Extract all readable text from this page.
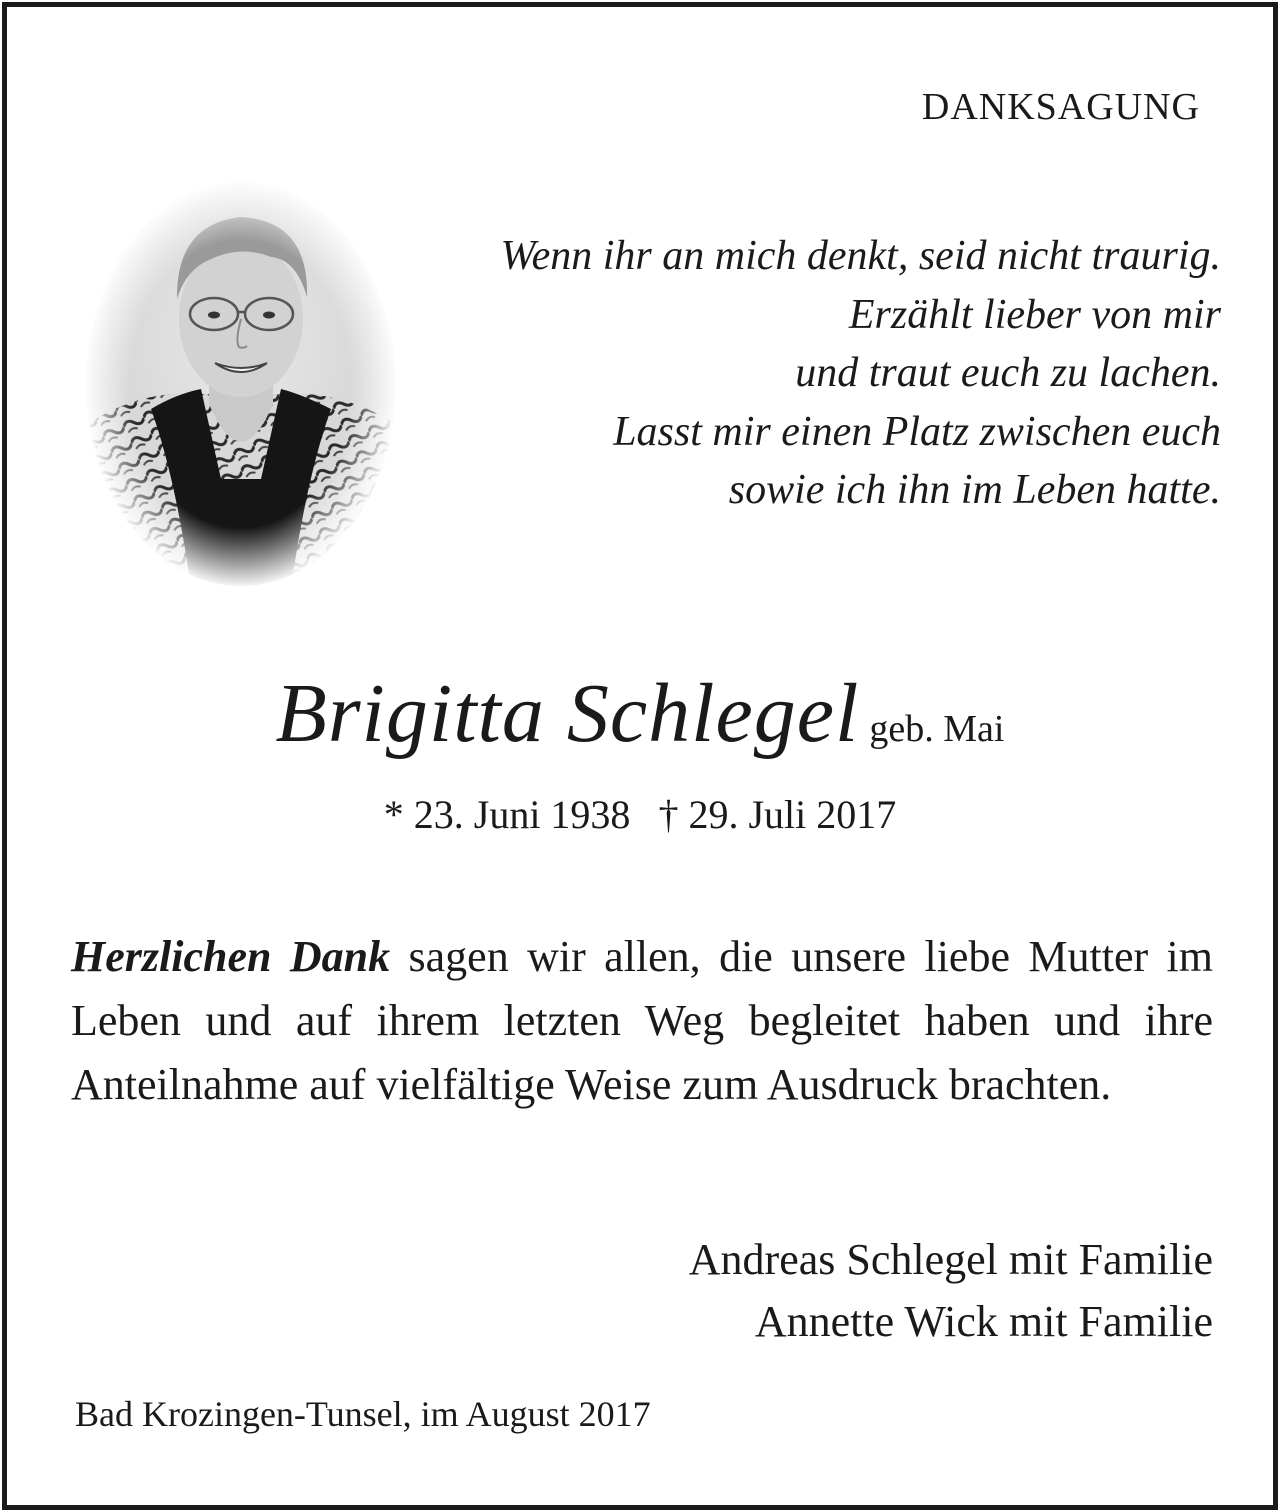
DANKSAGUNG
Wenn ihr an mich denkt, seid nicht traurig.
Erzählt lieber von mir
und traut euch zu lachen.
Lasst mir einen Platz zwischen euch
sowie ich ihn im Leben hatte.
Brigitta Schlegel geb. Mai
* 23. Juni 1938 † 29. Juli 2017
Herzlichen Dank sagen wir allen, die unsere liebe Mutter im Leben und auf ihrem letzten Weg begleitet haben und ihre Anteilnahme auf vielfältige Weise zum Ausdruck brachten.
Andreas Schlegel mit Familie
Annette Wick mit Familie
Bad Krozingen-Tunsel, im August 2017
